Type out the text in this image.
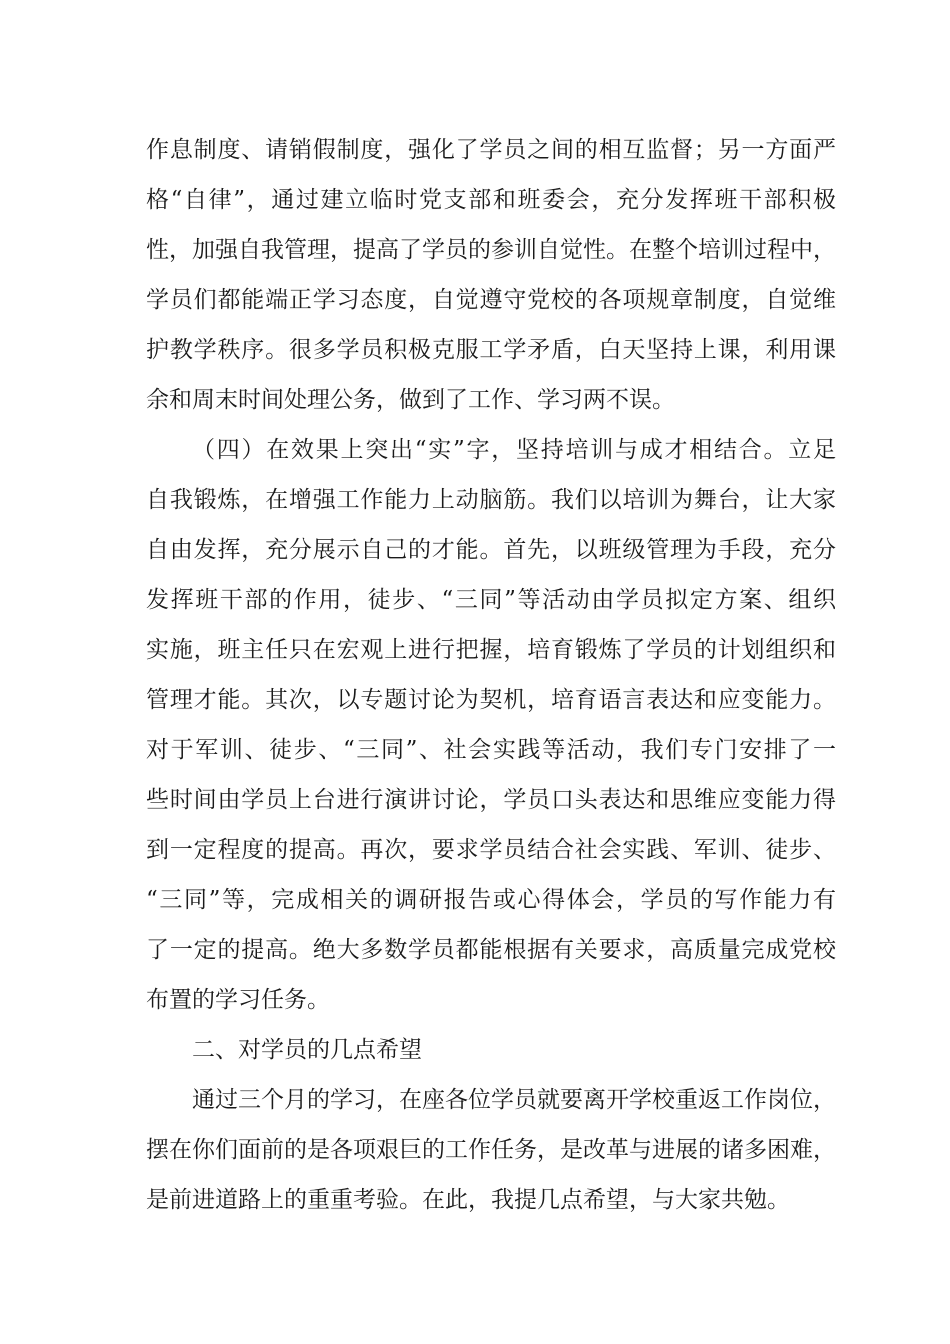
作息制度、请销假制度，强化了学员之间的相互监督；另一方面严
格“自律”，通过建立临时党支部和班委会，充分发挥班干部积极
性，加强自我管理，提高了学员的参训自觉性。在整个培训过程中，
学员们都能端正学习态度，自觉遵守党校的各项规章制度，自觉维
护教学秩序。很多学员积极克服工学矛盾，白天坚持上课，利用课
余和周末时间处理公务，做到了工作、学习两不误。
（四）在效果上突出“实”字，坚持培训与成才相结合。立足
自我锻炼，在增强工作能力上动脑筋。我们以培训为舞台，让大家
自由发挥，充分展示自己的才能。首先，以班级管理为手段，充分
发挥班干部的作用，徒步、“三同”等活动由学员拟定方案、组织
实施，班主任只在宏观上进行把握，培育锻炼了学员的计划组织和
管理才能。其次，以专题讨论为契机，培育语言表达和应变能力。
对于军训、徒步、“三同”、社会实践等活动，我们专门安排了一
些时间由学员上台进行演讲讨论，学员口头表达和思维应变能力得
到一定程度的提高。再次，要求学员结合社会实践、军训、徒步、
“三同”等，完成相关的调研报告或心得体会，学员的写作能力有
了一定的提高。绝大多数学员都能根据有关要求，高质量完成党校
布置的学习任务。
二、对学员的几点希望
通过三个月的学习，在座各位学员就要离开学校重返工作岗位，
摆在你们面前的是各项艰巨的工作任务，是改革与进展的诸多困难，
是前进道路上的重重考验。在此，我提几点希望，与大家共勉。
